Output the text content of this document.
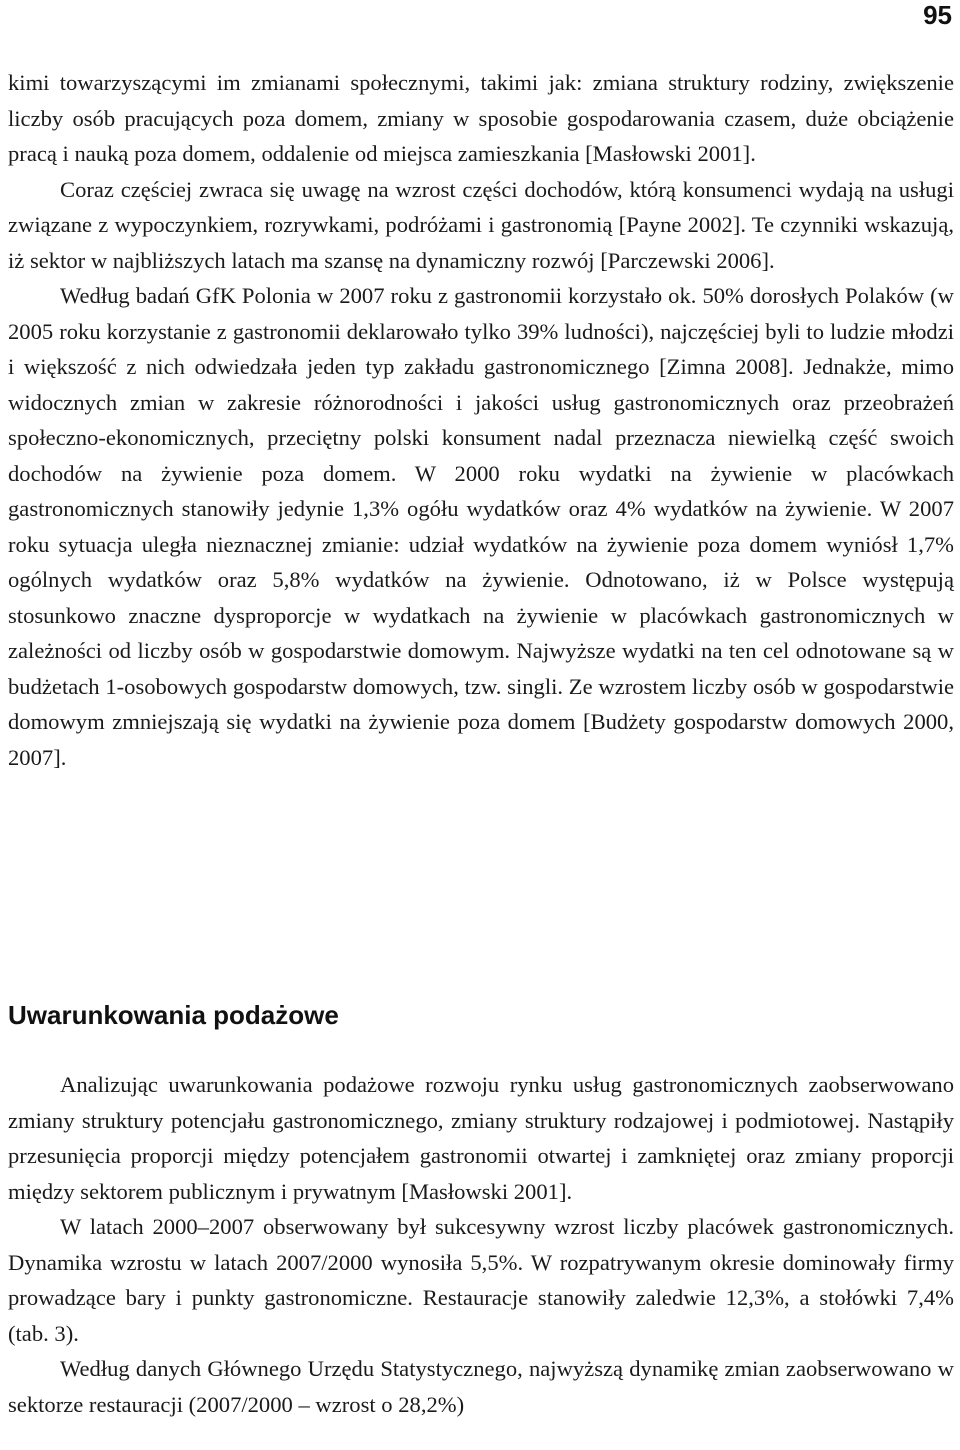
95

kimi towarzyszącymi im zmianami społecznymi, takimi jak: zmiana struktury rodziny, zwiększenie liczby osób pracujących poza domem, zmiany w sposobie gospodarowania czasem, duże obciążenie pracą i nauką poza domem, oddalenie od miejsca zamieszkania [Masłowski 2001].

Coraz częściej zwraca się uwagę na wzrost części dochodów, którą konsumenci wydają na usługi związane z wypoczynkiem, rozrywkami, podróżami i gastronomią [Payne 2002]. Te czynniki wskazują, iż sektor w najbliższych latach ma szansę na dynamiczny rozwój [Parczewski 2006].

Według badań GfK Polonia w 2007 roku z gastronomii korzystało ok. 50% dorosłych Polaków (w 2005 roku korzystanie z gastronomii deklarowało tylko 39% ludności), najczęściej byli to ludzie młodzi i większość z nich odwiedzała jeden typ zakładu gastronomicznego [Zimna 2008]. Jednakże, mimo widocznych zmian w zakresie różnorodności i jakości usług gastronomicznych oraz przeobrażeń społeczno-ekonomicznych, przeciętny polski konsument nadal przeznacza niewielką część swoich dochodów na żywienie poza domem. W 2000 roku wydatki na żywienie w placówkach gastronomicznych stanowiły jedynie 1,3% ogółu wydatków oraz 4% wydatków na żywienie. W 2007 roku sytuacja uległa nieznacznej zmianie: udział wydatków na żywienie poza domem wyniósł 1,7% ogólnych wydatków oraz 5,8% wydatków na żywienie. Odnotowano, iż w Polsce występują stosunkowo znaczne dysproporcje w wydatkach na żywienie w placówkach gastronomicznych w zależności od liczby osób w gospodarstwie domowym. Najwyższe wydatki na ten cel odnotowane są w budżetach 1-osobowych gospodarstw domowych, tzw. singli. Ze wzrostem liczby osób w gospodarstwie domowym zmniejszają się wydatki na żywienie poza domem [Budżety gospodarstw domowych 2000, 2007].

Uwarunkowania podażowe

Analizując uwarunkowania podażowe rozwoju rynku usług gastronomicznych zaobserwowano zmiany struktury potencjału gastronomicznego, zmiany struktury rodzajowej i podmiotowej. Nastąpiły przesunięcia proporcji między potencjałem gastronomii otwartej i zamkniętej oraz zmiany proporcji między sektorem publicznym i prywatnym [Masłowski 2001].

W latach 2000–2007 obserwowany był sukcesywny wzrost liczby placówek gastronomicznych. Dynamika wzrostu w latach 2007/2000 wynosiła 5,5%. W rozpatrywanym okresie dominowały firmy prowadzące bary i punkty gastronomiczne. Restauracje stanowiły zaledwie 12,3%, a stołówki 7,4% (tab. 3).

Według danych Głównego Urzędu Statystycznego, najwyższą dynamikę zmian zaobserwowano w sektorze restauracji (2007/2000 – wzrost o 28,2%)
